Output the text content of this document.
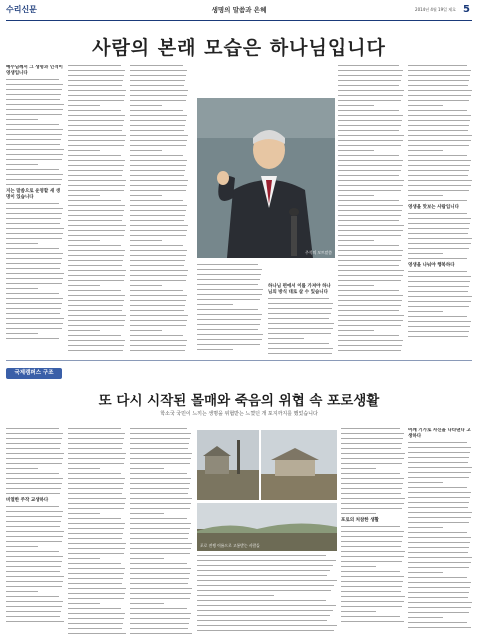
수리신문	생명의 말씀과 은혜	2014년 4월 19일 제호 5
사람의 본래 모습은 하나님입니다
예수님께서 그 생명과 인격이 영생입니다
지는 말씀으로 운영할 새 생명이 있습니다
주석의 모트말씀
하나님 편에서 이를 가져야 하나님의 방식 대로 살 수 있습니다
영생을 맛보는 사람입니다
영생을 나눠야 행복하다
국제캠퍼스 구조
또 다시 시작된 몰매와 죽음의 위협 속 포로생활
학소국 국민이 느끼는 생명을 위협받는 느꼈던 개 포지까지를 했었습니다
비열한 주작 교생하다
포로 전쟁 이름으로 고통받는 사람들
포로의 처참한 생활
어깨 기가로 자신을 나타낸다 고생하다
